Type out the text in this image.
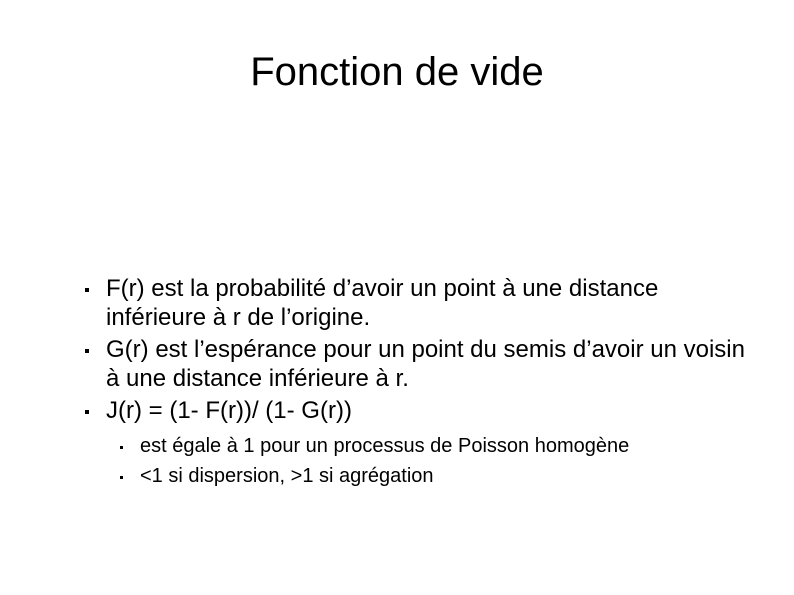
Fonction de vide
F(r) est la probabilité d’avoir un point à une distance inférieure à r de l’origine.
G(r) est l’espérance pour un point du semis d’avoir un voisin à une distance inférieure à r.
J(r) = (1- F(r))/ (1- G(r))
est égale à 1 pour un processus de Poisson homogène
<1 si dispersion, >1 si agrégation
